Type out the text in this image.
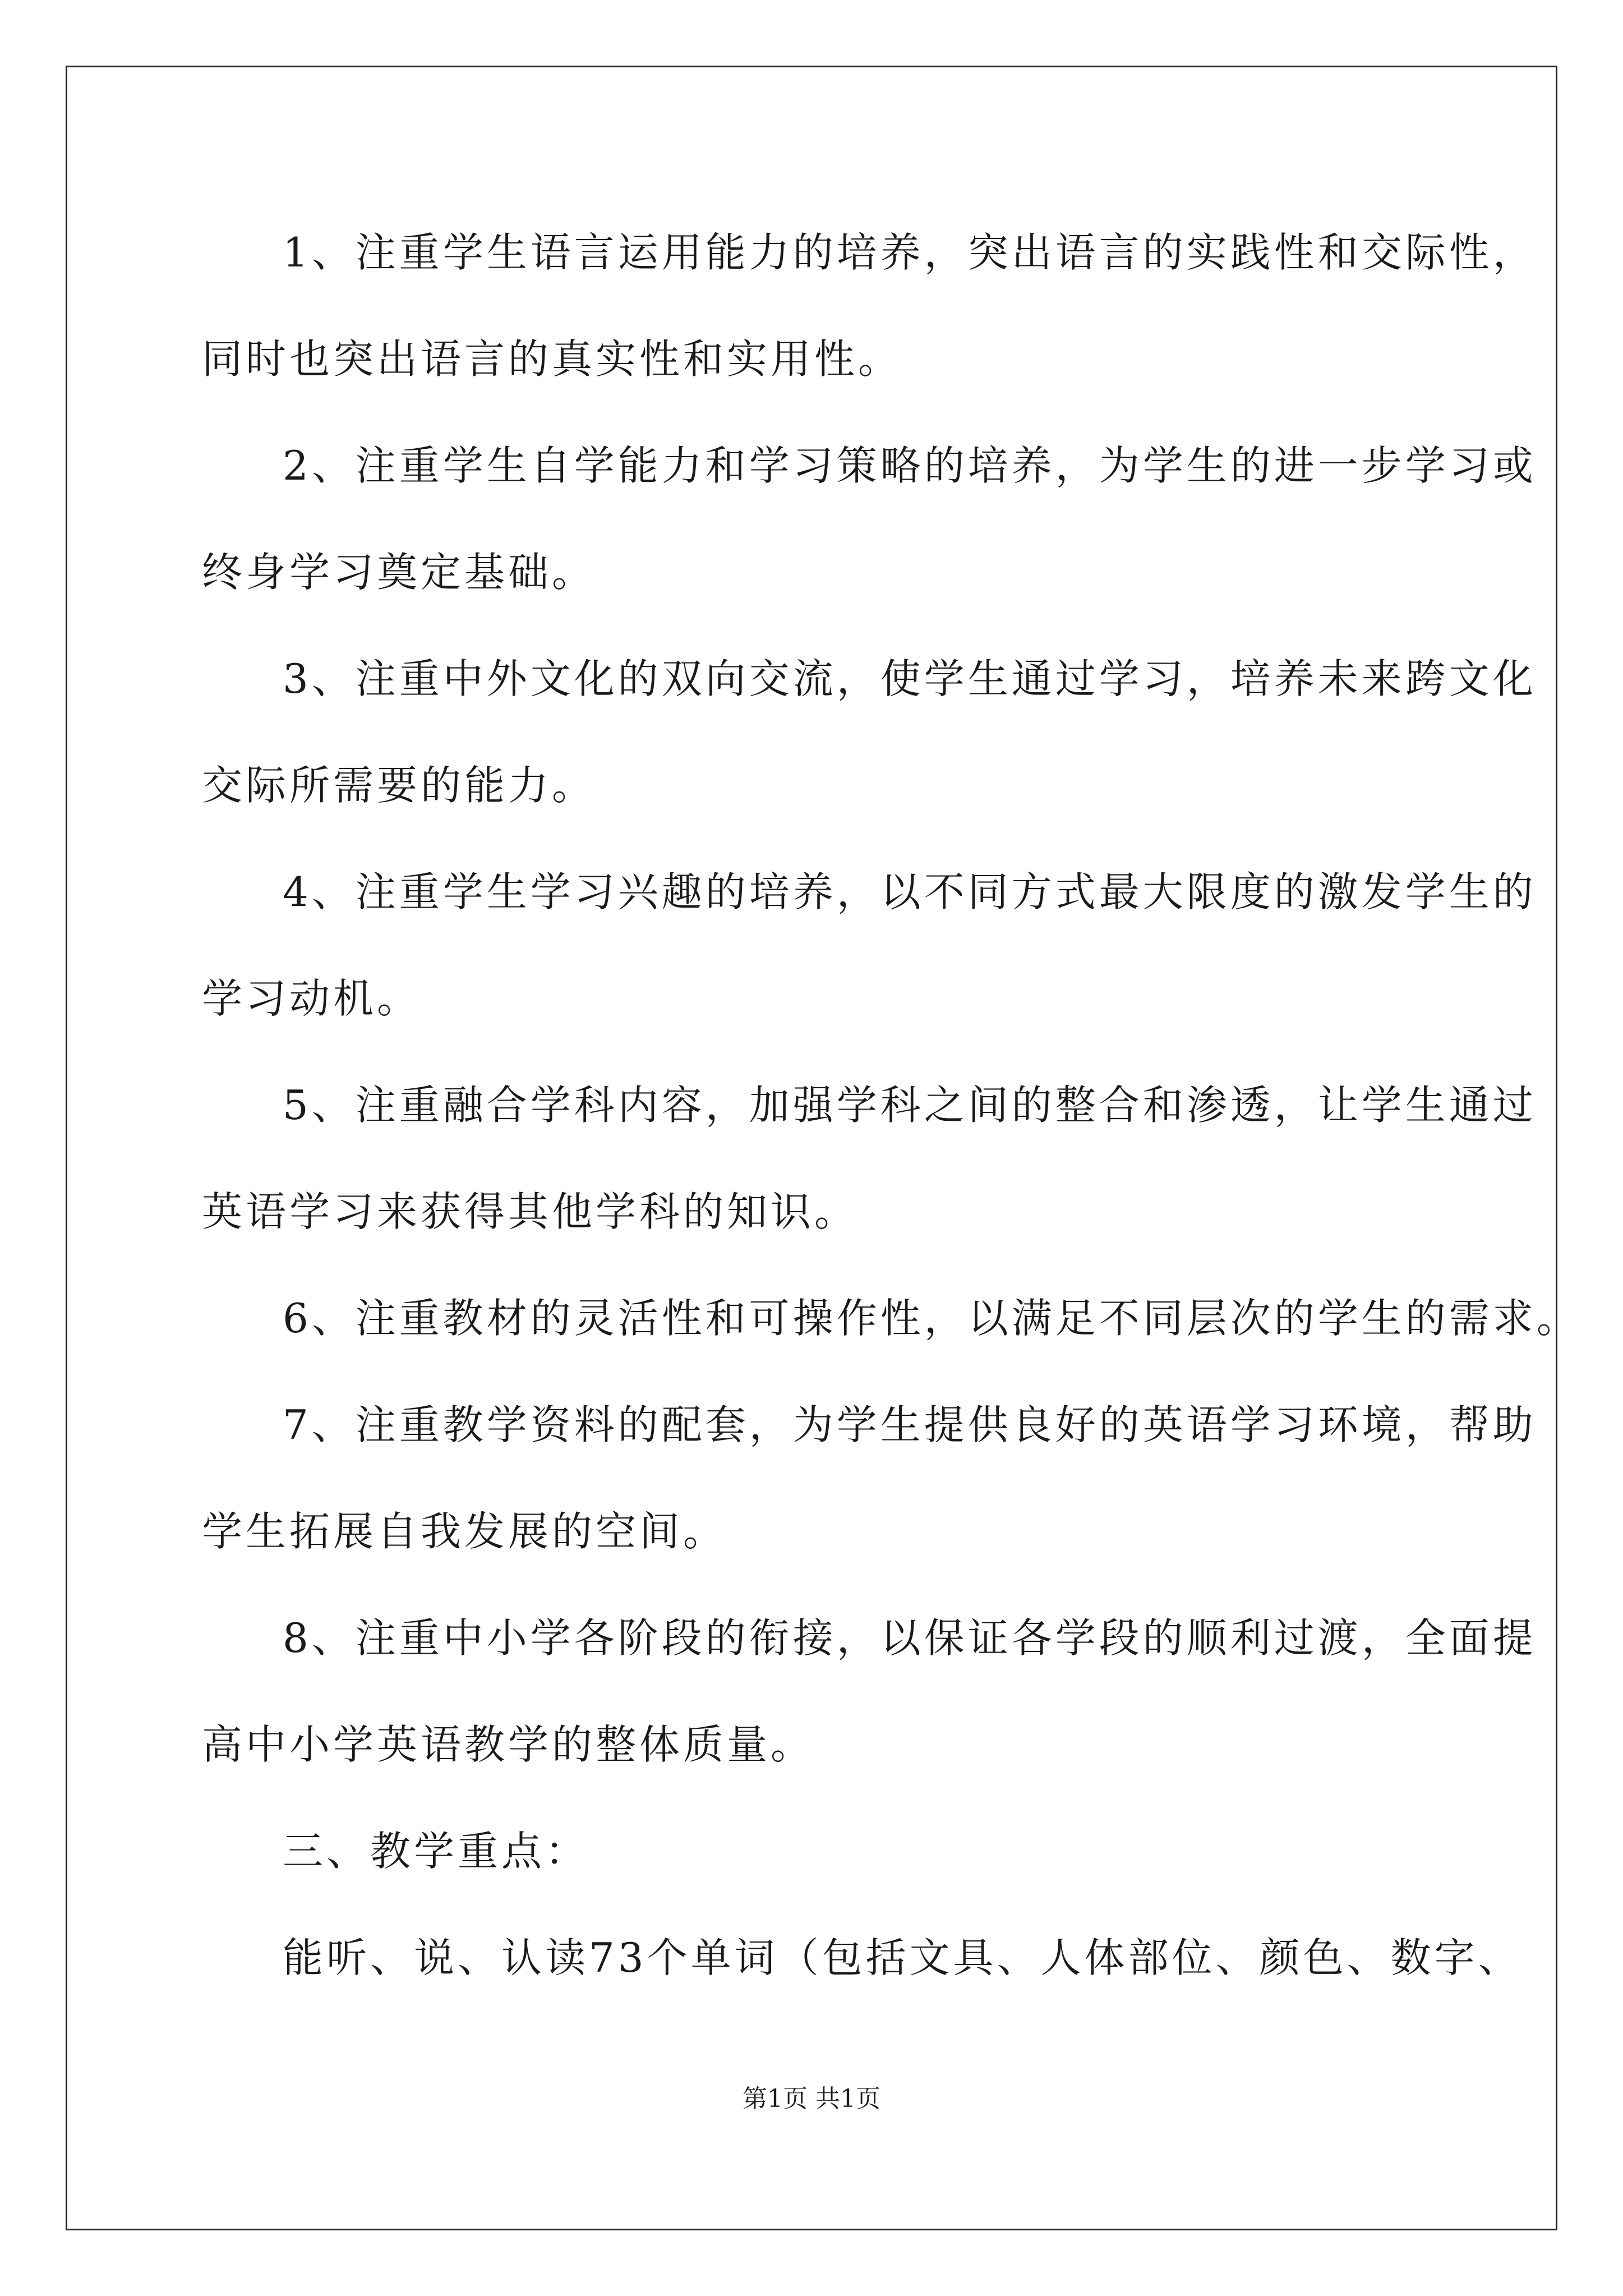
1、注重学生语言运用能力的培养，突出语言的实践性和交际性，
同时也突出语言的真实性和实用性。
2、注重学生自学能力和学习策略的培养，为学生的进一步学习或
终身学习奠定基础。
3、注重中外文化的双向交流，使学生通过学习，培养未来跨文化
交际所需要的能力。
4、注重学生学习兴趣的培养，以不同方式最大限度的激发学生的
学习动机。
5、注重融合学科内容，加强学科之间的整合和渗透，让学生通过
英语学习来获得其他学科的知识。
6、注重教材的灵活性和可操作性，以满足不同层次的学生的需求。
7、注重教学资料的配套，为学生提供良好的英语学习环境，帮助
学生拓展自我发展的空间。
8、注重中小学各阶段的衔接，以保证各学段的顺利过渡，全面提
高中小学英语教学的整体质量。
三、教学重点：
能听、说、认读73个单词（包括文具、人体部位、颜色、数字、
第1页 共1页
